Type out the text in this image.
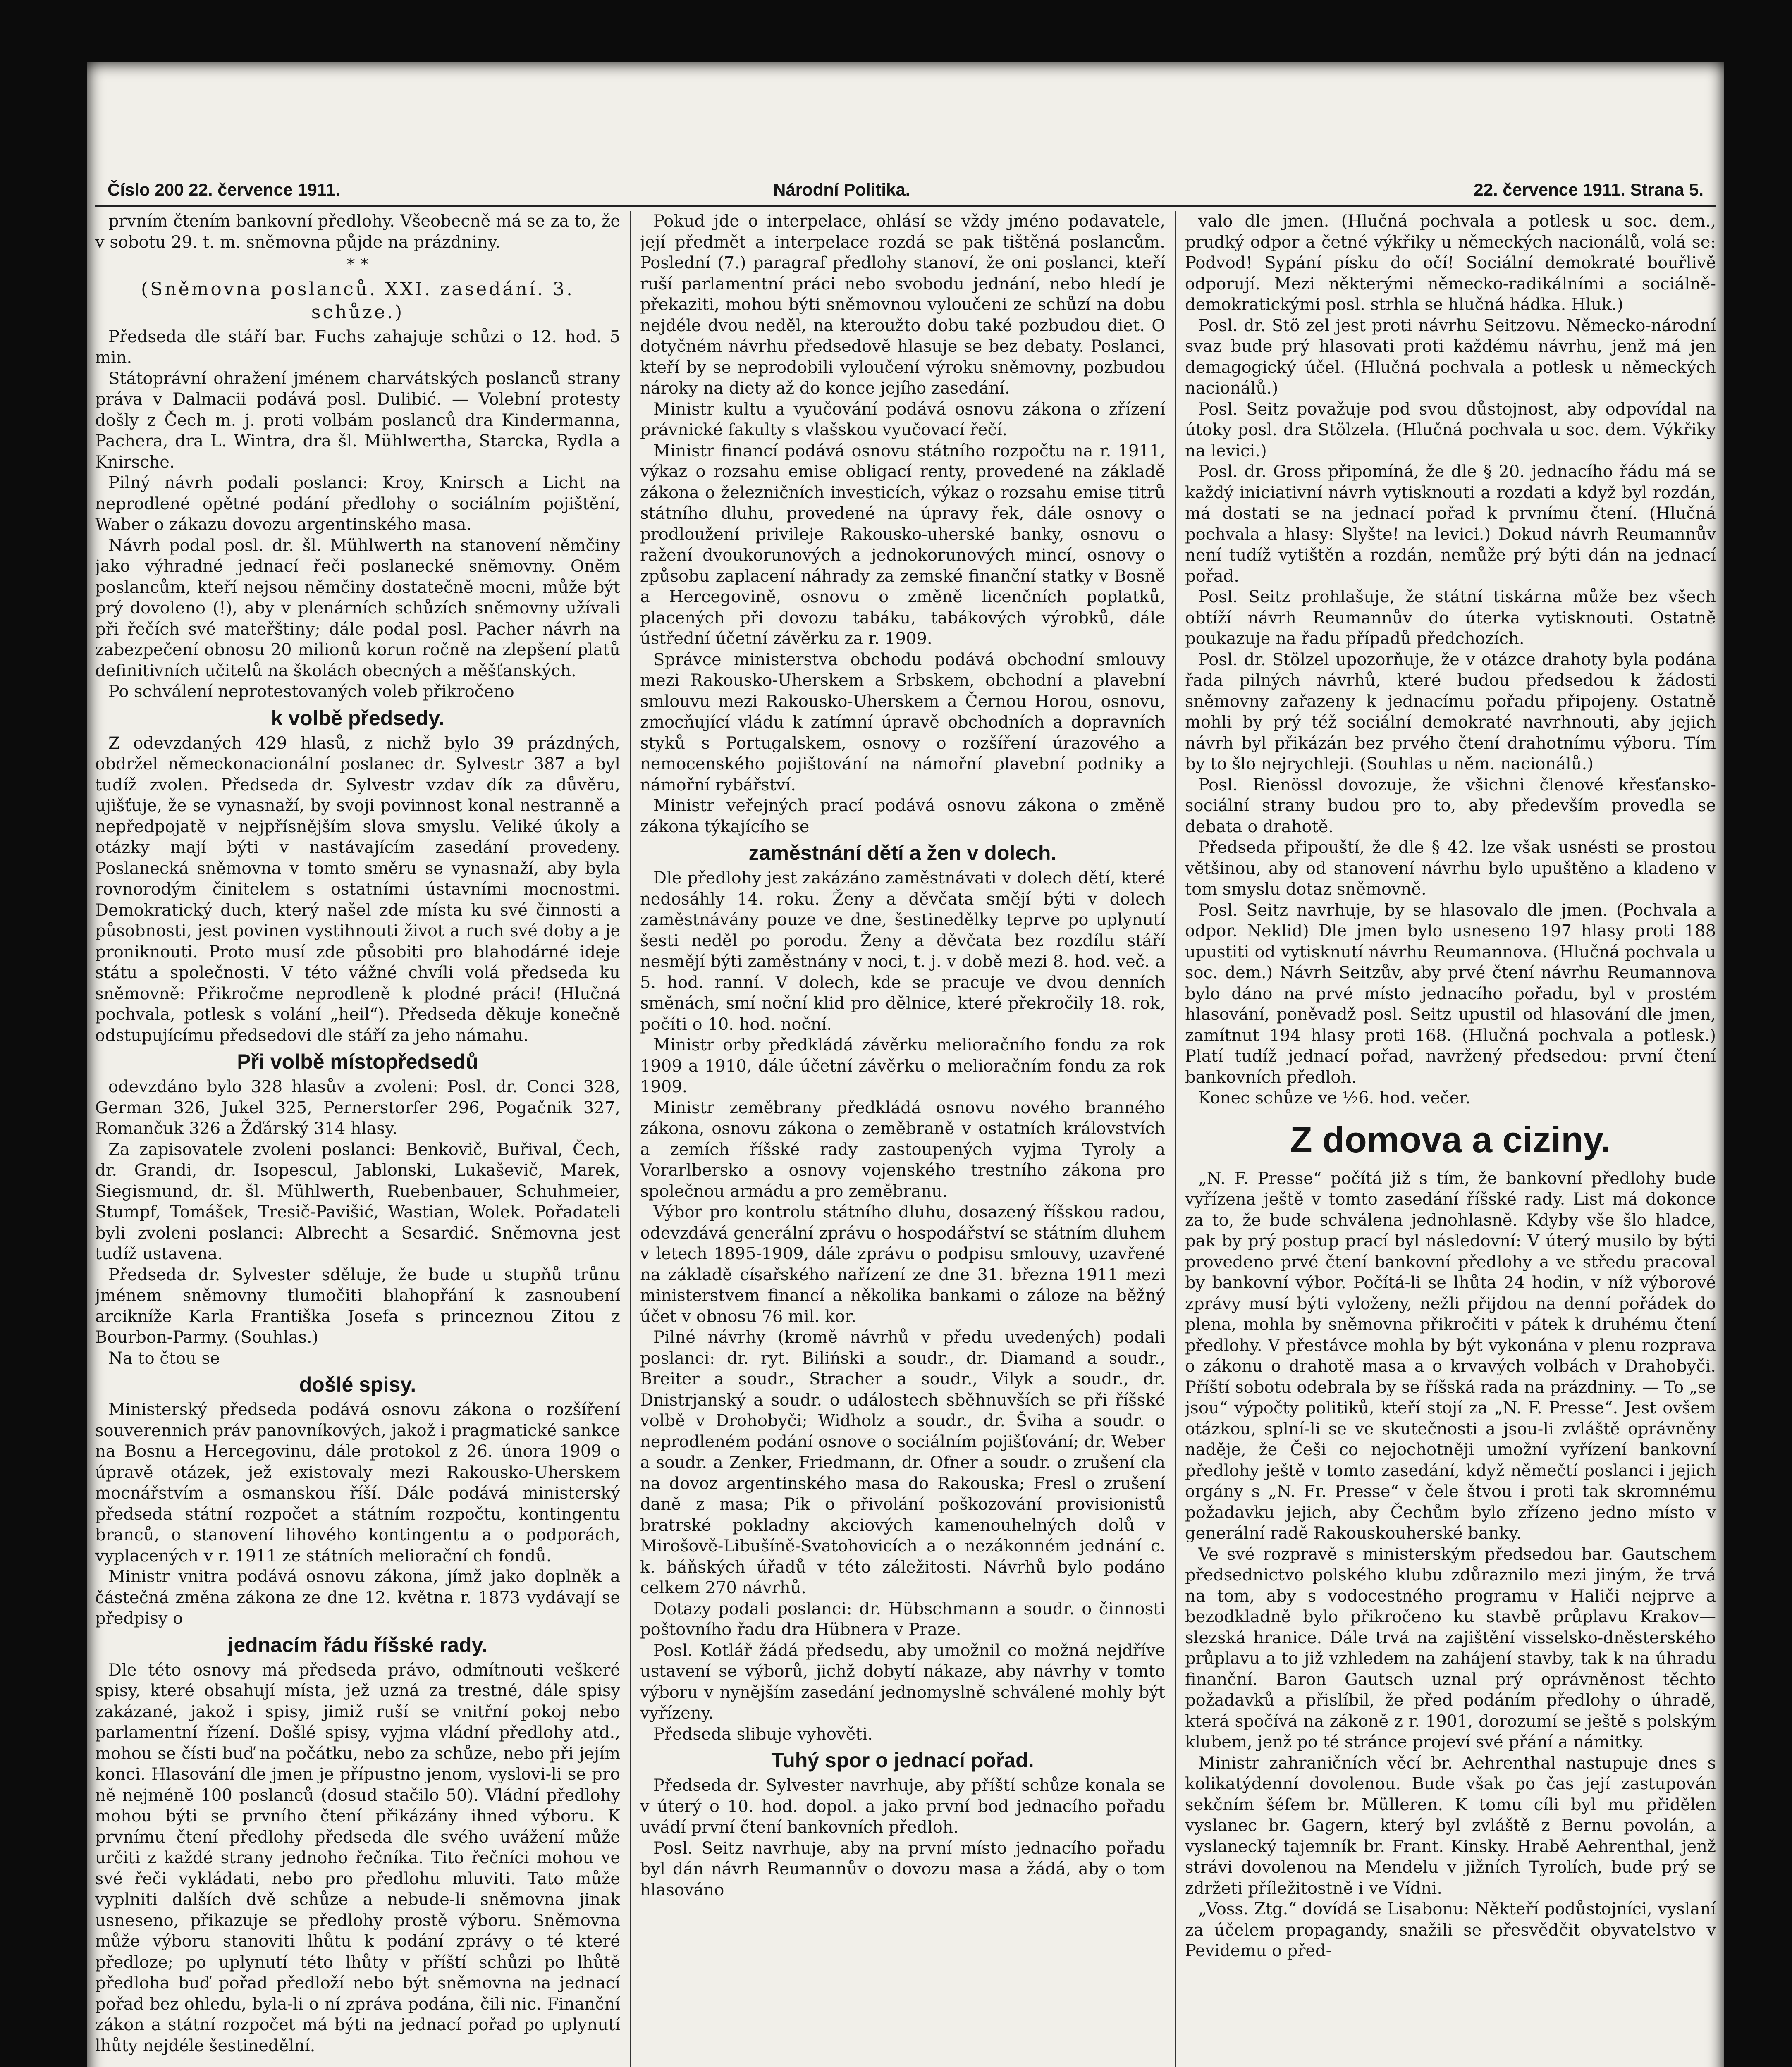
Číslo 200 22. července 1911.	Národní Politika.	22. července 1911. Strana 5.

prvním čtením bankovní předlohy. Všeobecně má se za to, že v sobotu 29. t. m. sněmovna půjde na prázdniny.

* *
(Sněmovna poslanců. XXI. zasedání. 3. schůze.)

Předseda dle stáří bar. Fuchs zahajuje schůzi o 12. hod. 5 min.

Státoprávní ohražení jménem charvátských poslanců strany práva v Dalmacii podává posl. Dulibić. — Volební protesty došly z Čech m. j. proti volbám poslanců dra Kindermanna, Pachera, dra L. Wintra, dra šl. Mühlwertha, Starcka, Rydla a Knirsche.

Pilný návrh podali poslanci: Kroy, Knirsch a Licht na neprodlené opětné podání předlohy o sociálním pojištění, Waber o zákazu dovozu argentinského masa.

Návrh podal posl. dr. šl. Mühlwerth na stanovení němčiny jako výhradné jednací řeči poslanecké sněmovny. Oněm poslancům, kteří nejsou němčiny dostatečně mocni, může být prý dovoleno (!), aby v plenárních schůzích sněmovny užívali při řečích své mateřštiny; dále podal posl. Pacher návrh na zabezpečení obnosu 20 milionů korun ročně na zlepšení platů definitivních učitelů na školách obecných a měšťanských.

Po schválení neprotestovaných voleb přikročeno

k volbě předsedy.

Z odevzdaných 429 hlasů, z nichž bylo 39 prázdných, obdržel německonacionální poslanec dr. Sylvestr 387 a byl tudíž zvolen. Předseda dr. Sylvestr vzdav dík za důvěru, ujišťuje, že se vynasnaží, by svoji povinnost konal nestranně a nepředpojatě v nejpřísnějším slova smyslu. Veliké úkoly a otázky mají býti v nastávajícím zasedání provedeny. Poslanecká sněmovna v tomto směru se vynasnaží, aby byla rovnorodým činitelem s ostatními ústavními mocnostmi. Demokratický duch, který našel zde místa ku své činnosti a působnosti, jest povinen vystihnouti život a ruch své doby a je proniknouti. Proto musí zde působiti pro blahodárné ideje státu a společnosti. V této vážné chvíli volá předseda ku sněmovně: Přikročme neprodleně k plodné práci! (Hlučná pochvala, potlesk s volání „heil“). Předseda děkuje konečně odstupujícímu předsedovi dle stáří za jeho námahu.

Při volbě místopředsedů

odevzdáno bylo 328 hlasův a zvoleni: Posl. dr. Conci 328, German 326, Jukel 325, Pernerstorfer 296, Pogačnik 327, Romančuk 326 a Žďárský 314 hlasy.

Za zapisovatele zvoleni poslanci: Benkovič, Buřival, Čech, dr. Grandi, dr. Isopescul, Jablonski, Lukaševič, Marek, Siegismund, dr. šl. Mühlwerth, Ruebenbauer, Schuhmeier, Stumpf, Tomášek, Tresič-Pavišić, Wastian, Wolek. Pořadateli byli zvoleni poslanci: Albrecht a Sesardić. Sněmovna jest tudíž ustavena.

Předseda dr. Sylvester sděluje, že bude u stupňů trůnu jménem sněmovny tlumočiti blahopřání k zasnoubení arcikníže Karla Františka Josefa s princeznou Zitou z Bourbon-Parmy. (Souhlas.)

Na to čtou se

došlé spisy.

Ministerský předseda podává osnovu zákona o rozšíření souverennich práv panovníkových, jakož i pragmatické sankce na Bosnu a Hercegovinu, dále protokol z 26. února 1909 o úpravě otázek, jež existovaly mezi Rakousko-Uherskem mocnářstvím a osmanskou říší. Dále podává ministerský předseda státní rozpočet a státním rozpočtu, kontingentu branců, o stanovení lihového kontingentu a o podporách, vyplacených v r. 1911 ze státních meliorační ch fondů.

Ministr vnitra podává osnovu zákona, jímž jako doplněk a částečná změna zákona ze dne 12. května r. 1873 vydávají se předpisy o

jednacím řádu říšské rady.

Dle této osnovy má předseda právo, odmítnouti veškeré spisy, které obsahují místa, jež uzná za trestné, dále spisy zakázané, jakož i spisy, jimiž ruší se vnitřní pokoj nebo parlamentní řízení. Došlé spisy, vyjma vládní předlohy atd., mohou se čísti buď na počátku, nebo za schůze, nebo při jejím konci. Hlasování dle jmen je přípustno jenom, vyslovi-li se pro ně nejméně 100 poslanců (dosud stačilo 50). Vládní předlohy mohou býti se prvního čtení přikázány ihned výboru. K prvnímu čtení předlohy předseda dle svého uvážení může určiti z každé strany jednoho řečníka. Tito řečníci mohou ve své řeči vykládati, nebo pro předlohu mluviti. Tato může vyplniti dalších dvě schůze a nebude-li sněmovna jinak usneseno, přikazuje se předlohy prostě výboru. Sněmovna může výboru stanoviti lhůtu k podání zprávy o té které předloze; po uplynutí této lhůty v příští schůzi po lhůtě předloha buď pořad předloží nebo být sněmovna na jednací pořad bez ohledu, byla-li o ní zpráva podána, čili nic. Finanční zákon a státní rozpočet má býti na jednací pořad po uplynutí lhůty nejdéle šestinedělní.

Pokud jde o interpelace, ohlásí se vždy jméno podavatele, její předmět a interpelace rozdá se pak tištěná poslancům. Poslední (7.) paragraf předlohy stanoví, že oni poslanci, kteří ruší parlamentní práci nebo svobodu jednání, nebo hledí je překaziti, mohou býti sněmovnou vyloučeni ze schůzí na dobu nejdéle dvou neděl, na kteroužto dobu také pozbudou diet. O dotyčném návrhu předsedově hlasuje se bez debaty. Poslanci, kteří by se neprodobili vyloučení výroku sněmovny, pozbudou nároky na diety až do konce jejího zasedání.

Ministr kultu a vyučování podává osnovu zákona o zřízení právnické fakulty s vlašskou vyučovací řečí.

Ministr financí podává osnovu státního rozpočtu na r. 1911, výkaz o rozsahu emise obligací renty, provedené na základě zákona o železničních investicích, výkaz o rozsahu emise titrů státního dluhu, provedené na úpravy řek, dále osnovy o prodloužení privileje Rakousko-uherské banky, osnovu o ražení dvoukorunových a jednokorunových mincí, osnovy o způsobu zaplacení náhrady za zemské finanční statky v Bosně a Hercegovině, osnovu o změně licenčních poplatků, placených při dovozu tabáku, tabákových výrobků, dále ústřední účetní závěrku za r. 1909.

Správce ministerstva obchodu podává obchodní smlouvy mezi Rakousko-Uherskem a Srbskem, obchodní a plavební smlouvu mezi Rakousko-Uherskem a Černou Horou, osnovu, zmocňující vládu k zatímní úpravě obchodních a dopravních styků s Portugalskem, osnovy o rozšíření úrazového a nemocenského pojištování na námořní plavební podniky a námořní rybářství.

Ministr veřejných prací podává osnovu zákona o změně zákona týkajícího se

zaměstnání dětí a žen v dolech.

Dle předlohy jest zakázáno zaměstnávati v dolech dětí, které nedosáhly 14. roku. Ženy a děvčata smějí býti v dolech zaměstnávány pouze ve dne, šestinedělky teprve po uplynutí šesti neděl po porodu. Ženy a děvčata bez rozdílu stáří nesmějí býti zaměstnány v noci, t. j. v době mezi 8. hod. več. a 5. hod. ranní. V dolech, kde se pracuje ve dvou denních směnách, smí noční klid pro dělnice, které překročily 18. rok, počíti o 10. hod. noční.

Ministr orby předkládá závěrku meliоračního fondu za rok 1909 a 1910, dále účetní závěrku o melioračním fondu za rok 1909.

Ministr zeměbrany předkládá osnovu nového branného zákona, osnovu zákona o zeměbraně v ostatních královstvích a zemích říšské rady zastoupených vyjma Tyroly a Vorarlbersko a osnovy vojenského trestního zákona pro společnou armádu a pro zeměbranu.

Výbor pro kontrolu státního dluhu, dosazený říšskou radou, odevzdává generální zprávu o hospodářství se státním dluhem v letech 1895-1909, dále zprávu o podpisu smlouvy, uzavřené na základě císařského nařízení ze dne 31. března 1911 mezi ministerstvem financí a několika bankami o záloze na běžný účet v obnosu 76 mil. kor.

Pilné návrhy (kromě návrhů v předu uvedených) podali poslanci: dr. ryt. Biliński a soudr., dr. Diamand a soudr., Breiter a soudr., Stracher a soudr., Vilyk a soudr., dr. Dnistrjanský a soudr. o událostech sběhnuvších se při říšské volbě v Drohobyči; Widholz a soudr., dr. Šviha a soudr. o neprodleném podání osnove o sociálním pojišťování; dr. Weber a soudr. a Zenker, Friedmann, dr. Ofner a soudr. o zrušení cla na dovoz argentinského masa do Rakouska; Fresl o zrušení daně z masa; Pik o přivolání poškozování provisionistů bratrské pokladny akciových kamenouhelných dolů v Mirošově-Libušíně-Svatohovicích a o nezákonném jednání c. k. báňských úřadů v této záležitosti. Návrhů bylo podáno celkem 270 návrhů.

Dotazy podali poslanci: dr. Hübschmann a soudr. o činnosti poštovního řadu dra Hübnera v Praze.

Posl. Kotlář žádá předsedu, aby umožnil co možná nejdříve ustavení se výborů, jichž dobytí nákaze, aby návrhy v tomto výboru v nynějším zasedání jednomyslně schválené mohly být vyřízeny.

Předseda slibuje vyhověti.

Tuhý spor o jednací pořad.

Předseda dr. Sylvester navrhuje, aby příští schůze konala se v úterý o 10. hod. dopol. a jako první bod jednacího pořadu uvádí první čtení bankovních předloh.

Posl. Seitz navrhuje, aby na první místo jednacího pořadu byl dán návrh Reumannův o dovozu masa a žádá, aby o tom hlasováno

valo dle jmen. (Hlučná pochvala a potlesk u soc. dem., prudký odpor a četné výkřiky u německých nacionálů, volá se: Podvod! Sypání písku do očí! Sociální demokraté bouřlivě odporují. Mezi některými německo-radikálními a sociálně-demokratickými posl. strhla se hlučná hádka. Hluk.)

Posl. dr. Stö zel jest proti návrhu Seitzovu. Německo-národní svaz bude prý hlasovati proti každému návrhu, jenž má jen demagogický účel. (Hlučná pochvala a potlesk u německých nacionálů.)

Posl. Seitz považuje pod svou důstojnost, aby odpovídal na útoky posl. dra Stölzela. (Hlučná pochvala u soc. dem. Výkřiky na levici.)

Posl. dr. Gross připomíná, že dle § 20. jednacího řádu má se každý iniciativní návrh vytisknouti a rozdati a když byl rozdán, má dostati se na jednací pořad k prvnímu čtení. (Hlučná pochvala a hlasy: Slyšte! na levici.) Dokud návrh Reumannův není tudíž vytištěn a rozdán, nemůže prý býti dán na jednací pořad.

Posl. Seitz prohlašuje, že státní tiskárna může bez všech obtíží návrh Reumannův do úterka vytisknouti. Ostatně poukazuje na řadu případů předchozích.

Posl. dr. Stölzel upozorňuje, že v otázce drahoty byla podána řada pilných návrhů, které budou předsedou k žádosti sněmovny zařazeny k jednacímu pořadu připojeny. Ostatně mohli by prý též sociální demokraté navrhnouti, aby jejich návrh byl přikázán bez prvého čtení drahotnímu výboru. Tím by to šlo nejrychleji. (Souhlas u něm. nacionálů.)

Posl. Rienössl dovozuje, že všichni členové křesťansko-sociální strany budou pro to, aby především provedla se debata o drahotě.

Předseda připouští, že dle § 42. lze však usnésti se prostou většinou, aby od stanovení návrhu bylo upuštěno a kladeno v tom smyslu dotaz sněmovně.

Posl. Seitz navrhuje, by se hlasovalo dle jmen. (Pochvala a odpor. Neklid) Dle jmen bylo usneseno 197 hlasy proti 188 upustiti od vytisknutí návrhu Reumannova. (Hlučná pochvala u soc. dem.) Návrh Seitzův, aby prvé čtení návrhu Reumannova bylo dáno na prvé místo jednacího pořadu, byl v prostém hlasování, poněvadž posl. Seitz upustil od hlasování dle jmen, zamítnut 194 hlasy proti 168. (Hlučná pochvala a potlesk.) Platí tudíž jednací pořad, navržený předsedou: první čtení bankovních předloh.

Konec schůze ve ½6. hod. večer.

Z domova a ciziny.

„N. F. Presse“ počítá již s tím, že bankovní předlohy bude vyřízena ještě v tomto zasedání říšské rady. List má dokonce za to, že bude schválena jednohlasně. Kdyby vše šlo hladce, pak by prý postup prací byl následovní: V úterý musilo by býti provedeno prvé čtení bankovní předlohy a ve středu pracoval by bankovní výbor. Počítá-li se lhůta 24 hodin, v níž výborové zprávy musí býti vyloženy, nežli přijdou na denní pořádek do plena, mohla by sněmovna přikročiti v pátek k druhému čtení předlohy. V přestávce mohla by být vykonána v plenu rozprava o zákonu o drahotě masa a o krvavých volbách v Drahobyči. Příští sobotu odebrala by se říšská rada na prázdniny. — To „se jsou“ výpočty politiků, kteří stojí za „N. F. Presse“. Jest ovšem otázkou, splní-li se ve skutečnosti a jsou-li zvláště oprávněny naděje, že Češi co nejochotněji umožní vyřízení bankovní předlohy ještě v tomto zasedání, když němečtí poslanci i jejich orgány s „N. Fr. Presse“ v čele štvou i proti tak skromnému požadavku jejich, aby Čechům bylo zřízeno jedno místo v generální radě Rakouskouherské banky.

Ve své rozpravě s ministerským předsedou bar. Gautschem předsednictvo polského klubu zdůraznilo mezi jiným, že trvá na tom, aby s vodocestného programu v Haliči nejprve a bezodkladně bylo přikročeno ku stavbě průplavu Krakov—slezská hranice. Dále trvá na zajištění visselsko-dněsterského průplavu a to již vzhledem na zahájení stavby, tak k na úhradu finanční. Baron Gautsch uznal prý oprávněnost těchto požadavků a přislíbil, že před podáním předlohy o úhradě, která spočívá na zákoně z r. 1901, dorozumí se ještě s polským klubem, jenž po té stránce projeví své přání a námitky.

Ministr zahraničních věcí br. Aehrenthal nastupuje dnes s kolikatýdenní dovolenou. Bude však po čas její zastupován sekčním šéfem br. Mülleren. K tomu cíli byl mu přidělen vyslanec br. Gagern, který byl zvláště z Bernu povolán, a vyslanecký tajemník br. Frant. Kinsky. Hrabě Aehrenthal, jenž strávi dovolenou na Mendelu v jižních Tyrolích, bude prý se zdržeti příležitostně i ve Vídni.

„Voss. Ztg.“ dovídá se Lisabonu: Někteří podůstojníci, vyslaní za účelem propagandy, snažili se přesvědčit obyvatelstvo v Pevidemu o před-
